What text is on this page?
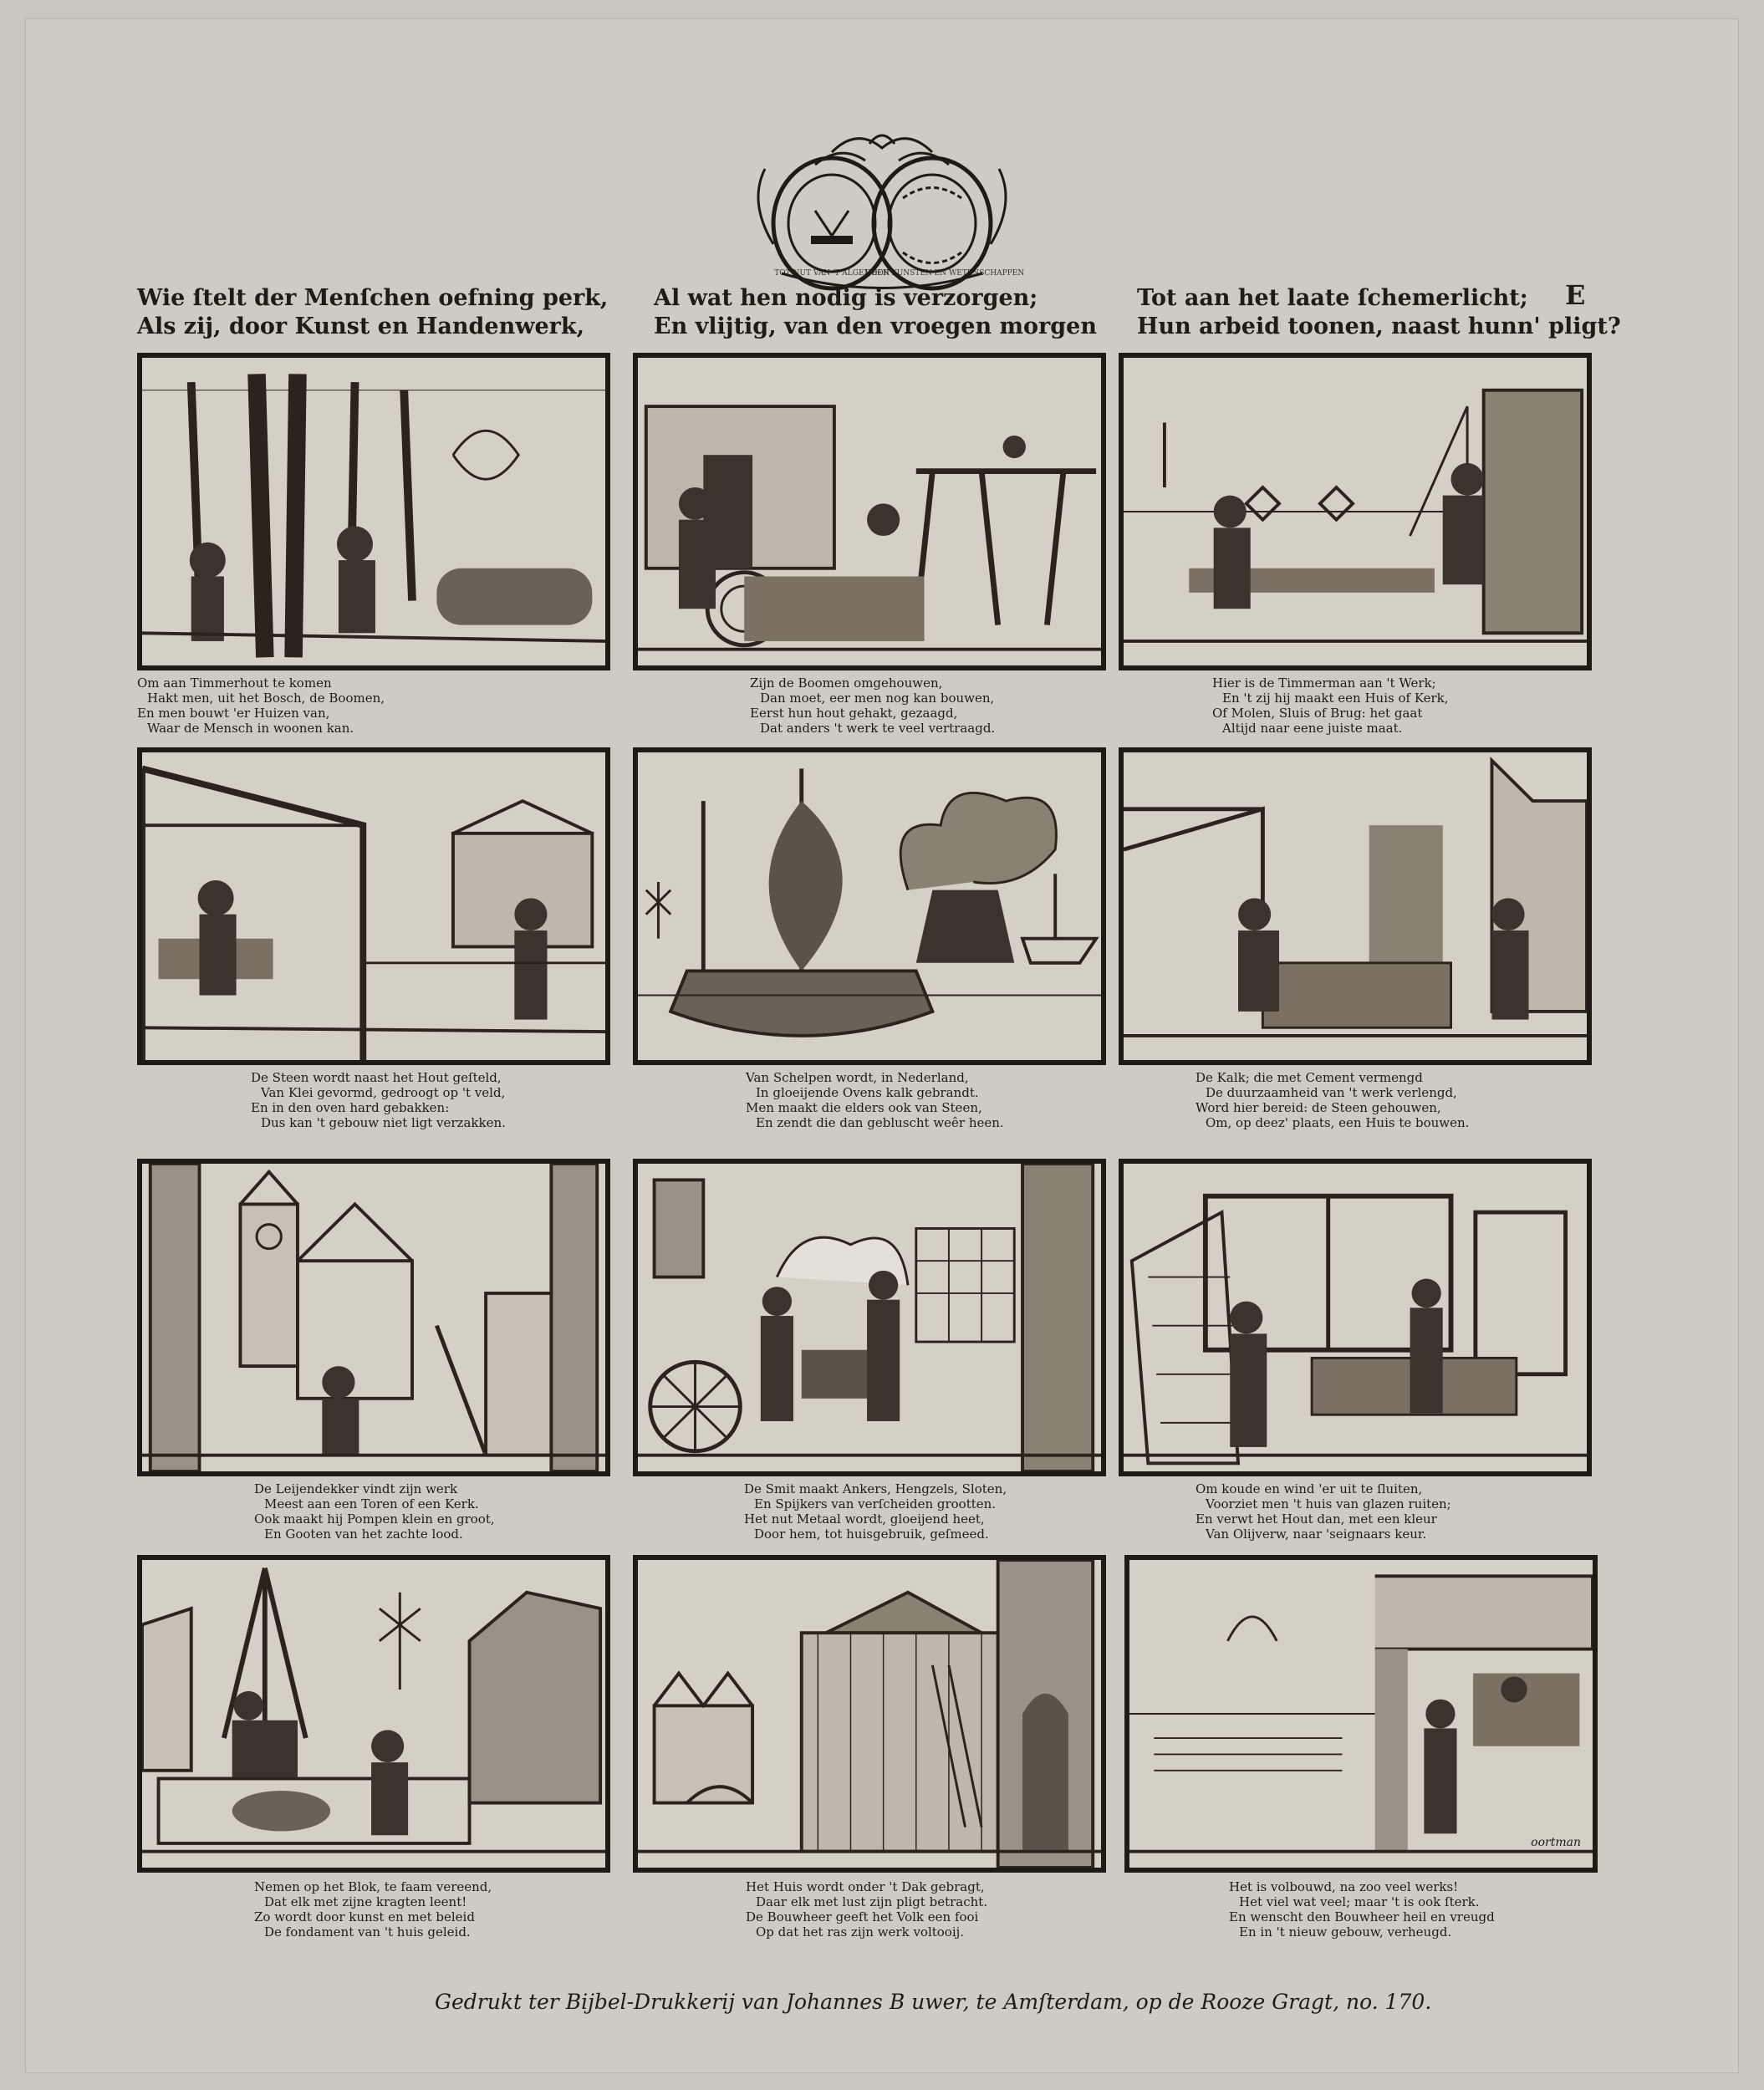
Wie ſtelt der Menſchen oefning perk,
Als zij, door Kunst en Handenwerk,
Al wat hen nodig is verzorgen;
En vlijtig, van den vroegen morgen
Tot aan het laate ſchemerlicht;
Hun arbeid toonen, naast hunn' pligt?
E
Om aan Timmerhout te komen
Hakt men, uit het Bosch, de Boomen,
En men bouwt 'er Huizen van,
Waar de Mensch in woonen kan.
Zijn de Boomen omgehouwen,
Dan moet, eer men nog kan bouwen,
Eerst hun hout gehakt, gezaagd,
Dat anders 't werk te veel vertraagd.
Hier is de Timmerman aan 't Werk;
En 't zij hij maakt een Huis of Kerk,
Of Molen, Sluis of Brug: het gaat
Altijd naar eene juiste maat.
De Steen wordt naast het Hout geſteld,
Van Klei gevormd, gedroogt op 't veld,
En in den oven hard gebakken:
Dus kan 't gebouw niet ligt verzakken.
Van Schelpen wordt, in Nederland,
In gloeijende Ovens kalk gebrandt.
Men maakt die elders ook van Steen,
En zendt die dan gebluscht weêr heen.
De Kalk; die met Cement vermengd
De duurzaamheid van 't werk verlengd,
Word hier bereid: de Steen gehouwen,
Om, op deez' plaats, een Huis te bouwen.
De Leijendekker vindt zijn werk
Meest aan een Toren of een Kerk.
Ook maakt hij Pompen klein en groot,
En Gooten van het zachte lood.
De Smit maakt Ankers, Hengzels, Sloten,
En Spijkers van verſcheiden grootten.
Het nut Metaal wordt, gloeijend heet,
Door hem, tot huisgebruik, geſmeed.
Om koude en wind 'er uit te ſluiten,
Voorziet men 't huis van glazen ruiten;
En verwt het Hout dan, met een kleur
Van Olijverw, naar 'seignaars keur.
Nemen op het Blok, te faam vereend,
Dat elk met zijne kragten leent!
Zo wordt door kunst en met beleid
De fondament van 't huis geleid.
Het Huis wordt onder 't Dak gebragt,
Daar elk met lust zijn pligt betracht.
De Bouwheer geeft het Volk een fooi
Op dat het ras zijn werk voltooij.
oortman
Het is volbouwd, na zoo veel werks!
Het viel wat veel; maar 't is ook ſterk.
En wenscht den Bouwheer heil en vreugd
En in 't nieuw gebouw, verheugd.
Gedrukt ter Bijbel-Drukkerij van Johannes B uwer, te Amſterdam, op de Rooze Gragt, no. 170.
TOT NUT VAN 'T ALGEMEEN
DOOR KUNSTEN EN WETENSCHAPPEN
